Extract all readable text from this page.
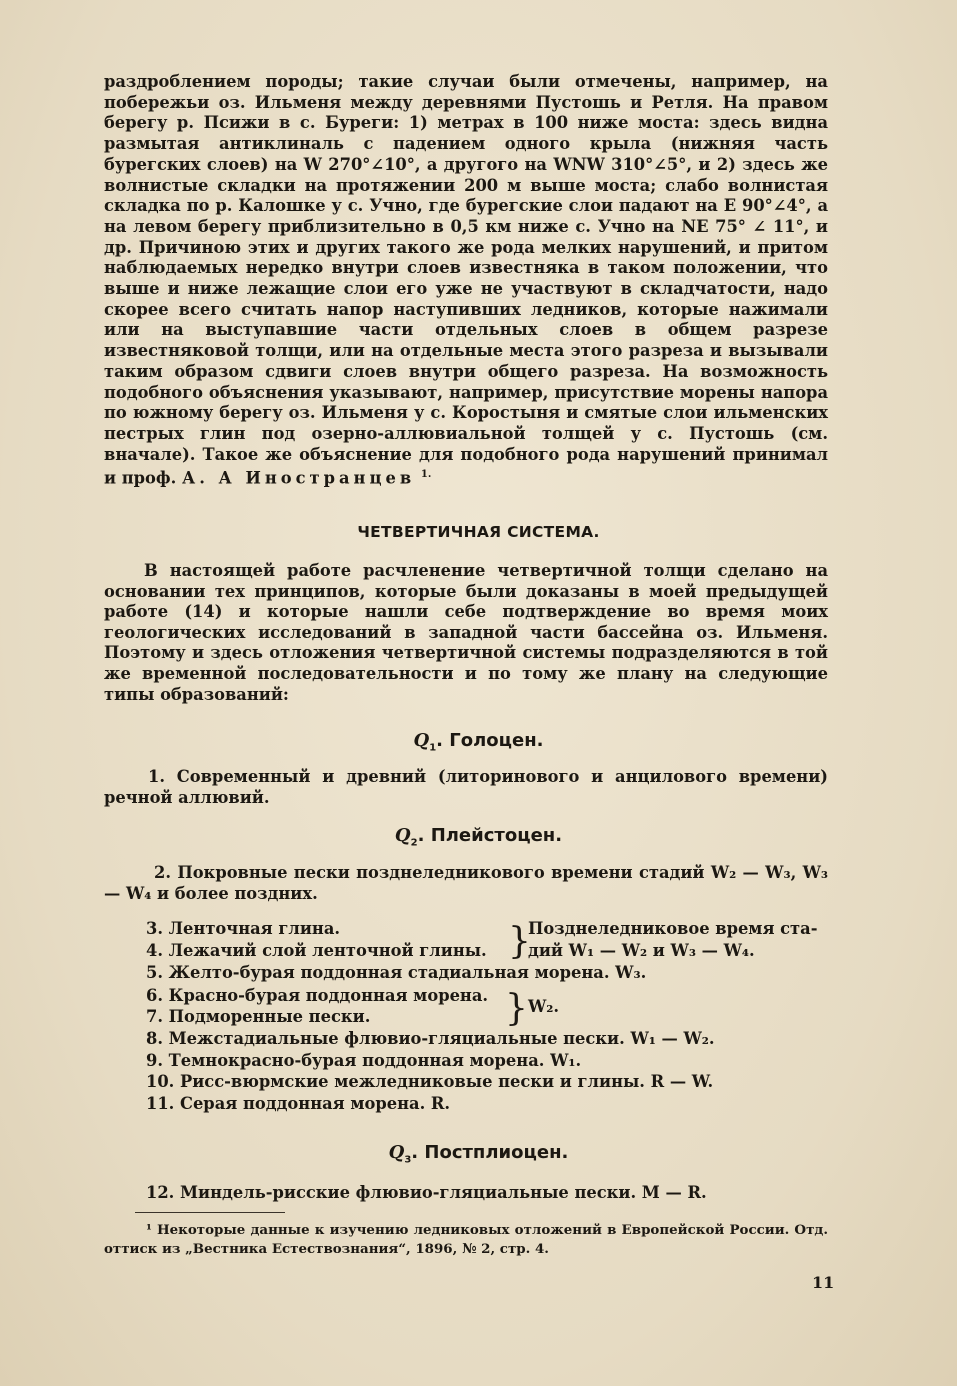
раздроблением породы; такие случаи были отмечены, например, на побережьи оз. Ильменя между деревнями Пустошь и Ретля. На правом берегу р. Псижи в с. Буреги: 1) метрах в 100 ниже моста: здесь видна размытая антиклиналь с падением одного крыла (нижняя часть бурегских слоев) на W 270°∠10°, а другого на WNW 310°∠5°, и 2) здесь же волнистые складки на протяжении 200 м выше моста; слабо волнистая складка по р. Калошке у с. Учно, где бурегские слои падают на E 90°∠4°, а на левом берегу приблизительно в 0,5 км ниже с. Учно на NE 75° ∠ 11°, и др. Причиною этих и других такого же рода мелких нарушений, и притом наблюдаемых нередко внутри слоев известняка в таком положении, что выше и ниже лежащие слои его уже не участвуют в складчатости, надо скорее всего считать напор наступивших ледников, которые нажимали или на выступавшие части отдельных слоев в общем разрезе известняковой толщи, или на отдельные места этого разреза и вызывали таким образом сдвиги слоев внутри общего разреза. На возможность подобного объяснения указывают, например, присутствие морены напора по южному берегу оз. Ильменя у с. Коростыня и смятые слои ильменских пестрых глин под озерно-аллювиальной толщей у с. Пустошь (см. вначале). Такое же объяснение для подобного рода нарушений принимал и проф. А. А Иностранцев $^{1.}$

ЧЕТВЕРТИЧНАЯ СИСТЕМА.

В настоящей работе расчленение четвертичной толщи сделано на основании тех принципов, которые были доказаны в моей предыдущей работе (14) и которые нашли себе подтверждение во время моих геологических исследований в западной части бассейна оз. Ильменя. Поэтому и здесь отложения четвертичной системы подразделяются в той же временной последовательности и по тому же плану на следующие типы образований:

$Q_1$. Голоцен.
1. Современный и древний (литоринового и анцилового времени) речной аллювий.
$Q_2$. Плейстоцен.
2. Покровные пески позднеледникового времени стадий W₂ — W₃, W₃ — W₄ и более поздних.
3. Ленточная глина.
4. Лежачий слой ленточной глины. }
Позднеледниковое время ста-
дий W₁ — W₂ и W₃ — W₄.
5. Желто-бурая поддонная стадиальная морена. W₃.
6. Красно-бурая поддонная морена.
7. Подморенные пески.	} W₂.
8. Межстадиальные флювио-гляциальные пески. W₁ — W₂.
9. Темнокрасно-бурая поддонная морена. W₁.
10. Рисс-вюрмские межледниковые пески и глины. R — W.
11. Серая поддонная морена. R.
$Q_3$. Постплиоцен.
12. Миндель-рисские флювио-гляциальные пески. M — R.

¹ Некоторые данные к изучению ледниковых отложений в Европейской России. Отд. оттиск из „Вестника Естествознания“, 1896, № 2, стр. 4.

11
